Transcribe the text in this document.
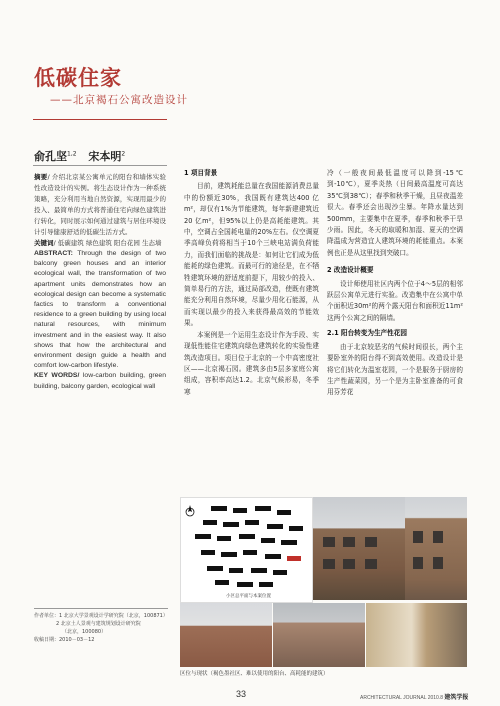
低碳住家
——北京褐石公寓改造设计
俞孔坚$^{1,2}$ 宋本明$^2$

摘要/ 介绍北京某公寓单元的阳台和墙体实验性改造设计的实例。将生态设计作为一种系统策略，充分利用当地自然资源，实现用最少的投入、最简单的方式将普通住宅向绿色建筑进行转化，同时展示如何通过建筑与居住环境设计引导健康舒适的低碳生活方式。

关键词/ 低碳建筑 绿色建筑 阳台花园 生态墙

ABSTRACT: Through the design of two balcony green houses and an interior ecological wall, the transformation of two apartment units demonstrates how an ecological design can become a systematic factics to transform a conventional residence to a green building by using local natural resources, with minimum investment and in the easiest way. It also shows that how the architectural and environment design guide a health and comfort low-carbon lifestyle.

KEY WORDS/ low-carbon building, green building, balcony garden, ecological wall

作者单位：1 北京大学景观设计学研究院（北京，100871）
2 北京土人景观与建筑规划设计研究院
（北京，100080）
收稿日期：2010－03－12

1 项目背景

目前，建筑耗能总量在我国能源消费总量中的份额近30%，我国既有建筑达400 亿m²，却仅有1%为节能建筑，每年新建建筑近20 亿m²，但95%以上仍是高耗能建筑。其中，空调占全国耗电量的20%左右。仅空调夏季高峰负荷将相当于10个三峡电站满负荷能力，而我们面临的挑战是：如何让它们成为低能耗的绿色建筑。而最可行的途径是，在不牺牲建筑环境的舒适度前提下，用较少的投入、简单易行的方法，通过局部改造，使既有建筑能充分利用自然环境，尽量少用化石能源，从而实现以最少的投入来获得最高效的节能效果。

本案例是一个运用生态设计作为手段、实现低性能住宅建筑向绿色建筑转化的实验性建筑改造项目。项目位于北京的一个中高密度社区——北京褐石园。建筑多由5层多家庭公寓组成，容积率高达1.2。北京气候形易，冬季寒

冷（一般夜间最低温度可以降到-15℃到-10℃），夏季炎热（日间最高温度可高达35℃到38℃）；春季和秋季干燥，且昼夜温差很大。春季还会出现沙尘暴。年降水量达到500mm，主要集中在夏季，春季和秋季干旱少雨。因此，冬天的取暖和加湿、夏天的空调降温成为营造宜人建筑环境的耗能重点。本案例也正是从这里找到突破口。

2 改造设计概要

设计师使用社区内两个位于4～5层的相邻跃层公寓单元进行实验。改造集中在公寓中单个面积近30m²的两个露天阳台和面积近11m²这两个公寓之间的隔墙。

2.1 阳台转变为生产性花园

由于北京较恶劣的气候时间很长，两个主要卧室外的阳台得不到高效使用。改造设计是将它们转化为温室花园，一个是服务于厨房的生产性蔬菜园，另一个是为主卧室准备的可食用芬芳花

小区总平面与本案位置
区位与现状（褐色墨社区、难以使用的阳台、高耗能的建筑）
33	ARCHITECTURAL JOURNAL 2010.8 建筑学报
